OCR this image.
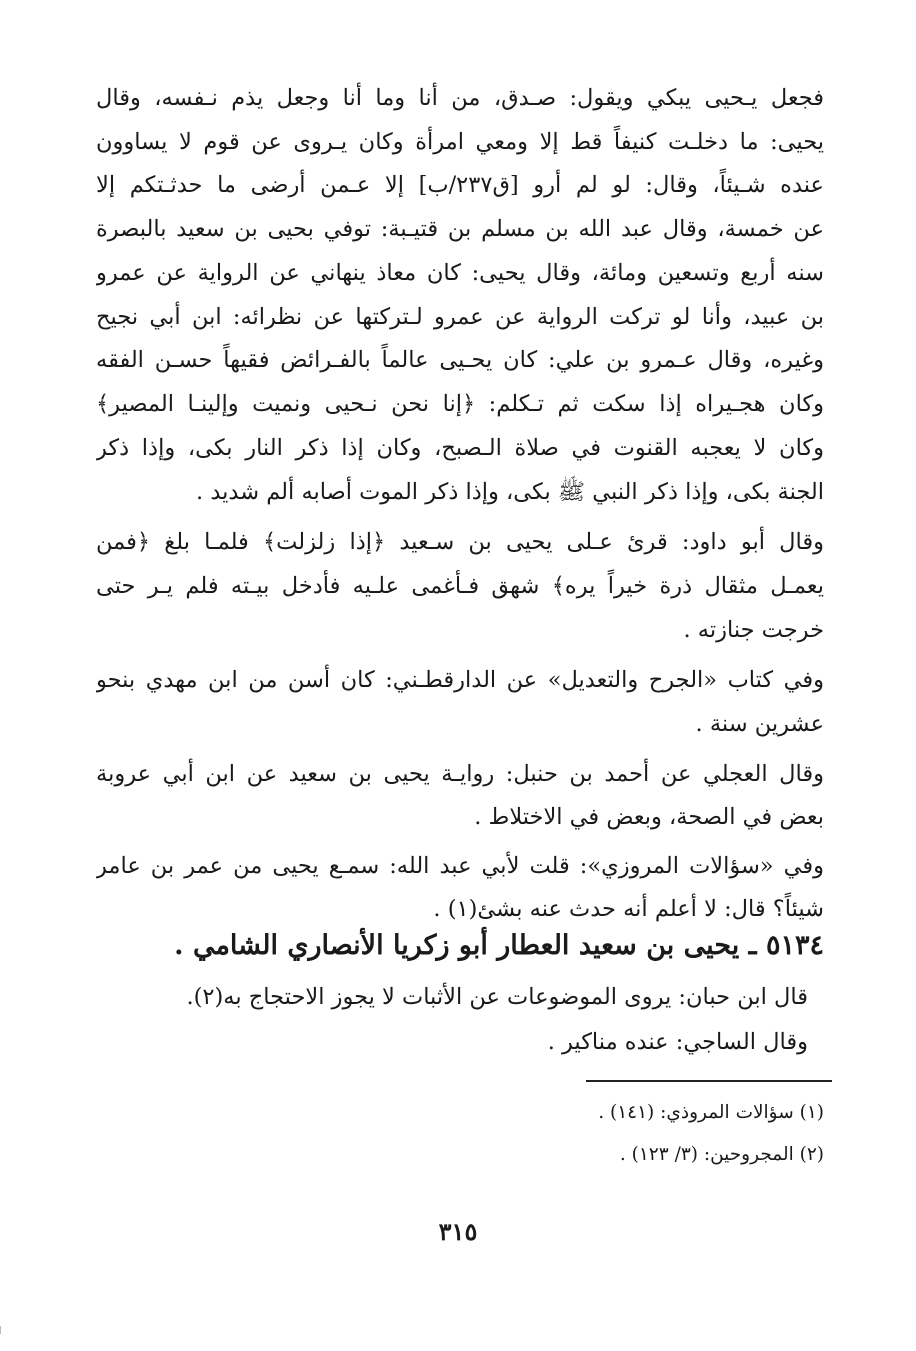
فجعل يـحيى يبكي ويقول: صـدق، من أنا وما أنا وجعل يذم نـفسه، وقال
يحيى: ما دخلـت كنيفاً قط إلا ومعي امرأة وكان يـروى عن قوم لا يساوون
عنده شـيئاً، وقال: لو لم أرو [ق٢٣٧/ب] إلا عـمن أرضى ما حدثـتكم إلا
عن خمسة، وقال عبد الله بن مسلم بن قتيـبة: توفي بحيى بن سعيد بالبصرة
سنه أربع وتسعين ومائة، وقال يحيى: كان معاذ ينهاني عن الرواية عن عمرو
بن عبيد، وأنا لو تركت الرواية عن عمرو لـتركتها عن نظرائه: ابن أبي نجيح
وغيره، وقال عـمرو بن علي: كان يحـيى عالماً بالفـرائض فقيهاً حسـن الفقه
وكان هجـيراه إذا سكت ثم تـكلم: ﴿إنا نحن نـحيى ونميت وإلينـا المصير﴾
وكان لا يعجبه القنوت في صلاة الـصبح، وكان إذا ذكر النار بكى، وإذا ذكر
الجنة بكى، وإذا ذكر النبي ﷺ بكى، وإذا ذكر الموت أصابه ألم شديد .
وقال أبو داود: قرئ عـلى يحيى بن سـعيد ﴿إذا زلزلت﴾ فلمـا بلغ ﴿فمن
يعمـل مثقال ذرة خيراً يره﴾ شهق فـأغمى علـيه فأدخل بيـته فلم يـر حتى
خرجت جنازته .
وفي كتاب «الجرح والتعديل» عن الدارقطـني: كان أسن من ابن مهدي بنحو
عشرين سنة .
وقال العجلي عن أحمد بن حنبل: روايـة يحيى بن سعيد عن ابن أبي عروبة
بعض في الصحة، وبعض في الاختلاط .
وفي «سؤالات المروزي»: قلت لأبي عبد الله: سمـع يحيى من عمر بن عامر
شيئاً؟ قال: لا أعلم أنه حدث عنه بشئ(١) .
٥١٣٤ ـ يحيى بن سعيد العطار أبو زكريا الأنصاري الشامي .
قال ابن حبان: يروى الموضوعات عن الأثبات لا يجوز الاحتجاج به(٢).
وقال الساجي: عنده مناكير .
(١) سؤالات المروذي: (١٤١) .
(٢) المجروحين: (٣/ ١٢٣) .
٣١٥
